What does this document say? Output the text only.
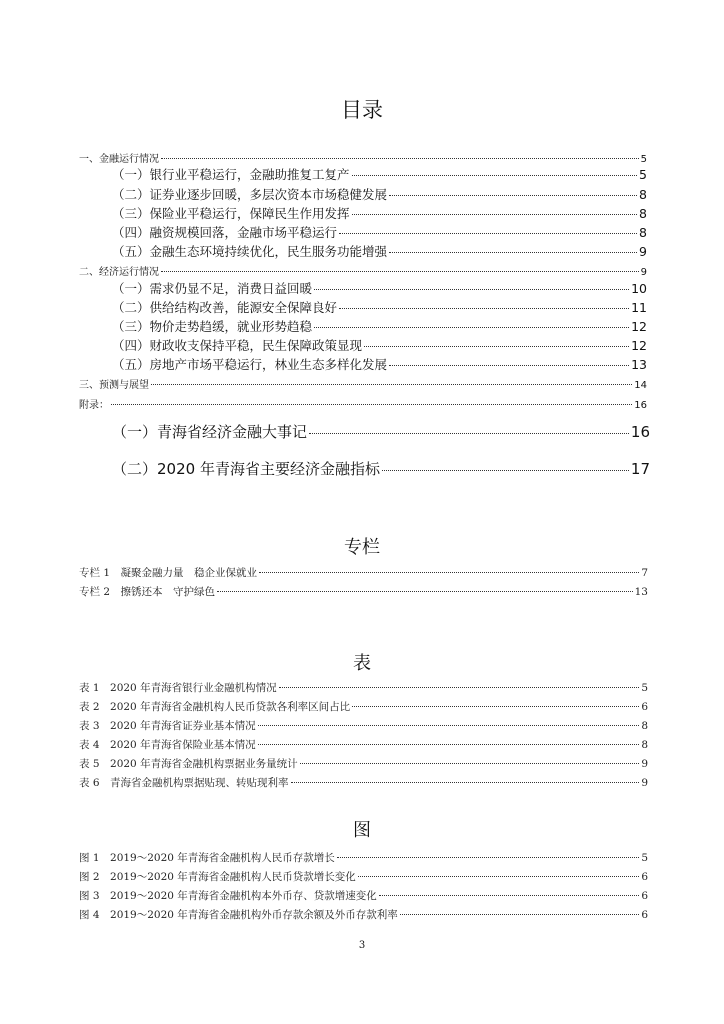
目录
一、金融运行情况	5
（一）银行业平稳运行，金融助推复工复产	5
（二）证券业逐步回暖，多层次资本市场稳健发展	8
（三）保险业平稳运行，保障民生作用发挥	8
（四）融资规模回落，金融市场平稳运行	8
（五）金融生态环境持续优化，民生服务功能增强	9
二、经济运行情况	9
（一）需求仍显不足，消费日益回暖	10
（二）供给结构改善，能源安全保障良好	11
（三）物价走势趋缓，就业形势趋稳	12
（四）财政收支保持平稳，民生保障政策显现	12
（五）房地产市场平稳运行，林业生态多样化发展	13
三、预测与展望	14
附录：	16
（一）青海省经济金融大事记	16
（二）2020 年青海省主要经济金融指标	17
专栏
专栏 1　凝聚金融力量　稳企业保就业	7
专栏 2　擦锈还本　守护绿色	13
表
表 1　2020 年青海省银行业金融机构情况	5
表 2　2020 年青海省金融机构人民币贷款各利率区间占比	6
表 3　2020 年青海省证券业基本情况	8
表 4　2020 年青海省保险业基本情况	8
表 5　2020 年青海省金融机构票据业务量统计	9
表 6　青海省金融机构票据贴现、转贴现利率	9
图
图 1　2019～2020 年青海省金融机构人民币存款增长	5
图 2　2019～2020 年青海省金融机构人民币贷款增长变化	6
图 3　2019～2020 年青海省金融机构本外币存、贷款增速变化	6
图 4　2019～2020 年青海省金融机构外币存款余额及外币存款利率	6
3
